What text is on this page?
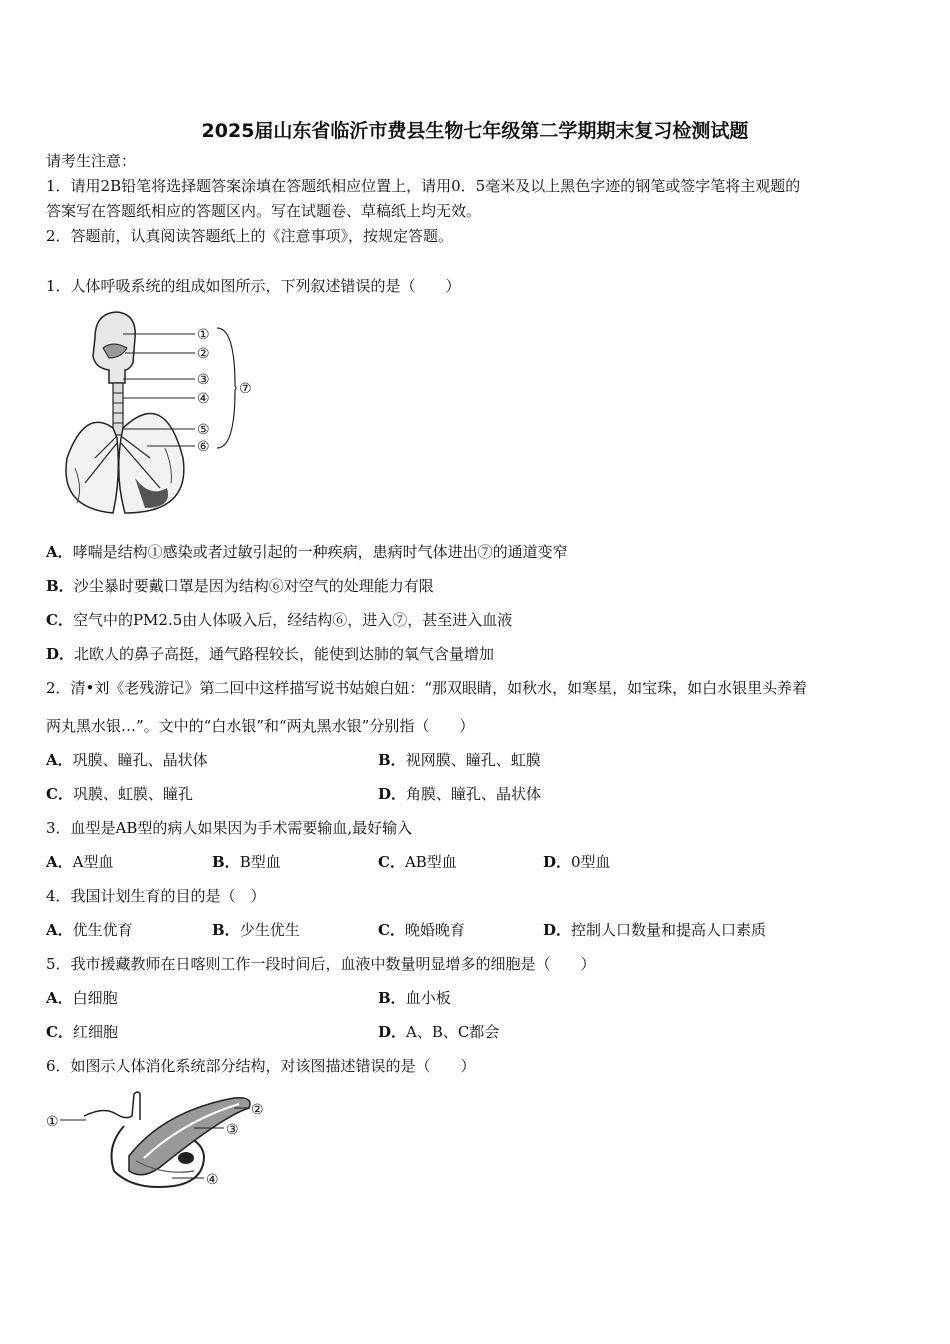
2025届山东省临沂市费县生物七年级第二学期期末复习检测试题
请考生注意：
1．请用2B铅笔将选择题答案涂填在答题纸相应位置上，请用0．5毫米及以上黑色字迹的钢笔或签字笔将主观题的
答案写在答题纸相应的答题区内。写在试题卷、草稿纸上均无效。
2．答题前，认真阅读答题纸上的《注意事项》，按规定答题。
1．人体呼吸系统的组成如图所示，下列叙述错误的是（　　）
①
②
③
④
⑤
⑥
⑦
A．哮喘是结构①感染或者过敏引起的一种疾病，患病时气体进出⑦的通道变窄
B．沙尘暴时要戴口罩是因为结构⑥对空气的处理能力有限
C．空气中的PM2.5由人体吸入后，经结构⑥，进入⑦，甚至进入血液
D．北欧人的鼻子高挺，通气路程较长，能使到达肺的氧气含量增加
2．清•刘《老残游记》第二回中这样描写说书姑娘白妞：“那双眼睛，如秋水，如寒星，如宝珠，如白水银里头养着
两丸黑水银…”。文中的“白水银”和“两丸黑水银”分别指（　　）
A．巩膜、瞳孔、晶状体	B．视网膜、瞳孔、虹膜
C．巩膜、虹膜、瞳孔	D．角膜、瞳孔、晶状体
3．血型是AB型的病人如果因为手术需要输血,最好输入
A．A型血	B．B型血	C．AB型血	D．0型血
4．我国计划生育的目的是（　）
A．优生优育	B．少生优生	C．晚婚晚育	D．控制人口数量和提高人口素质
5．我市援藏教师在日喀则工作一段时间后，血液中数量明显增多的细胞是（　　）
A．白细胞	B．血小板
C．红细胞	D．A、B、C都会
6．如图示人体消化系统部分结构，对该图描述错误的是（　　）
①
②
③
④
